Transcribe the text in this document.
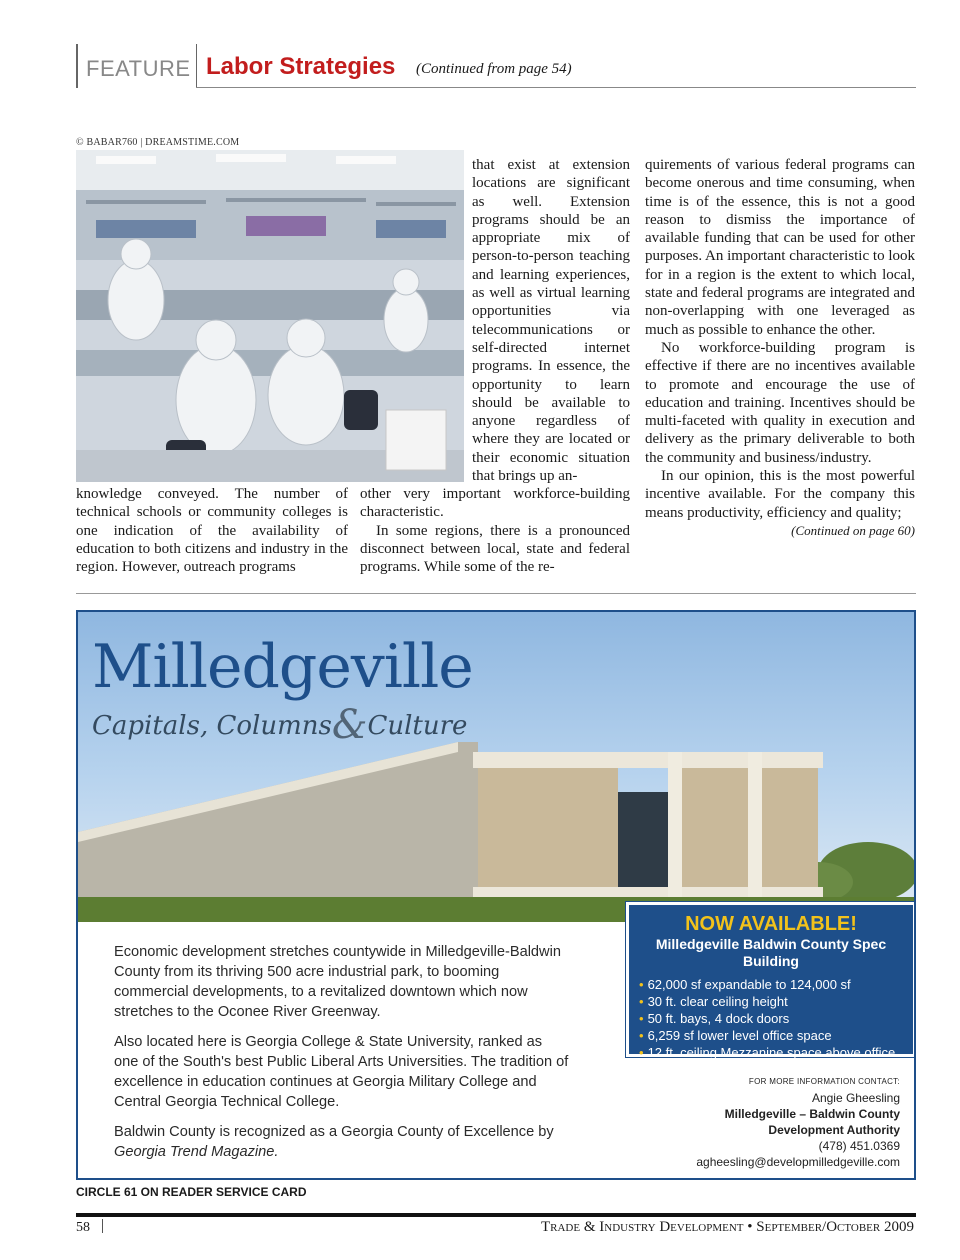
FEATURE Labor Strategies (Continued from page 54)
© BABAR760 | DREAMSTIME.COM

knowledge conveyed. The number of technical schools or community colleges is one indication of the availability of education to both citizens and industry in the region. However, outreach programs

that exist at extension locations are significant as well. Extension programs should be an appropriate mix of person-to-person teaching and learning experiences, as well as virtual learning opportunities via telecommunications or self-directed internet programs. In essence, the opportunity to learn should be available to anyone regardless of where they are located or their economic situation that brings up an-

other very important workforce-building characteristic.

In some regions, there is a pronounced disconnect between local, state and federal programs. While some of the re-

quirements of various federal programs can become onerous and time consuming, when time is of the essence, this is not a good reason to dismiss the importance of available funding that can be used for other purposes. An important characteristic to look for in a region is the extent to which local, state and federal programs are integrated and non-overlapping with one leveraged as much as possible to enhance the other.

No workforce-building program is effective if there are no incentives available to promote and encourage the use of education and training. Incentives should be multi-faceted with quality in execution and delivery as the primary deliverable to both the community and business/industry.

In our opinion, this is the most powerful incentive available. For the company this means productivity, efficiency and quality;
(Continued on page 60)

Milledgeville
Capitals, Columns&Culture

Economic development stretches countywide in Milledgeville-Baldwin County from its thriving 500 acre industrial park, to booming commercial developments, to a revitalized downtown which now stretches to the Oconee River Greenway.

Also located here is Georgia College & State University, ranked as one of the South's best Public Liberal Arts Universities. The tradition of excellence in education continues at Georgia Military College and Central Georgia Technical College.

Baldwin County is recognized as a Georgia County of Excellence by Georgia Trend Magazine.

NOW AVAILABLE!
Milledgeville Baldwin County Spec Building
• 62,000 sf expandable to 124,000 sf
• 30 ft. clear ceiling height
• 50 ft. bays, 4 dock doors
• 6,259 sf lower level office space
• 12 ft. ceiling Mezzanine space above office
FOR MORE INFORMATION CONTACT:
Angie Gheesling
Milledgeville – Baldwin County
Development Authority
(478) 451.0369
agheesling@developmilledgeville.com
CIRCLE 61 ON READER SERVICE CARD
58	Trade & Industry Development • September/October 2009
